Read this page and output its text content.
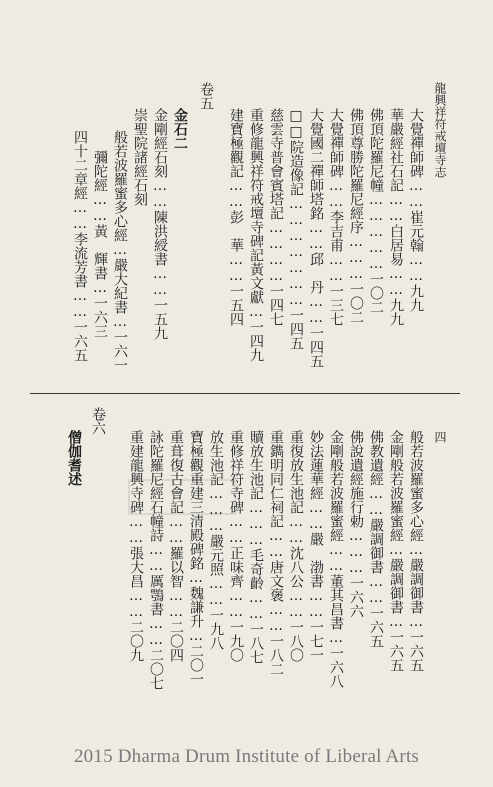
龍興祥符戒壇寺志
四
大覺禪師碑……崔元翰……九九
華嚴經社石記……白居易……九九
佛頂陀羅尼幢……………一〇二
佛頂尊勝陀羅尼經序………一〇二
大覺禪師碑……李吉甫……一三七
大覺國二禪師塔銘……邱　丹……一四五
□□院造像記…………………一四五
慈雲寺普會賓塔記…………一四七
重修龍興祥符戒壇寺碑記黃文獻…一四九
建寶極觀記……彭　華……一五四
卷五
金石二
金剛經石刻……陳洪綬書……一五九
崇聖院諸經石刻
般若波羅蜜多心經…嚴大紀書…一六一
彌陀經……黃　輝書…一六三
四十二章經……李流芳書……一六五
般若波羅蜜多心經…嚴調御書…一六五
金剛般若波羅蜜經…嚴調御書…一六五
佛教遺經……嚴調御書……一六五
佛說遺經施行勅………一六六
金剛般若波羅蜜經……董其昌書…一六八
妙法蓮華經……嚴　渤書……一七一
重復放生池記……沈八公……一八〇
重鐫明同仁祠記……唐文褒……一八二
贖放生池記………毛奇齡……一八七
重修祥符寺碑……正味齊……一九〇
放生池記………嚴元照……一九八
寶極觀重建三清殿碑銘…魏謙升…二〇一
重葺復古會記……羅以智……二〇四
詠陀羅尼經石幢詩……厲鶚書……二〇七
重建龍興寺碑……張大昌……二〇九
卷六
僧伽耆述
2015 Dharma Drum Institute of Liberal Arts
